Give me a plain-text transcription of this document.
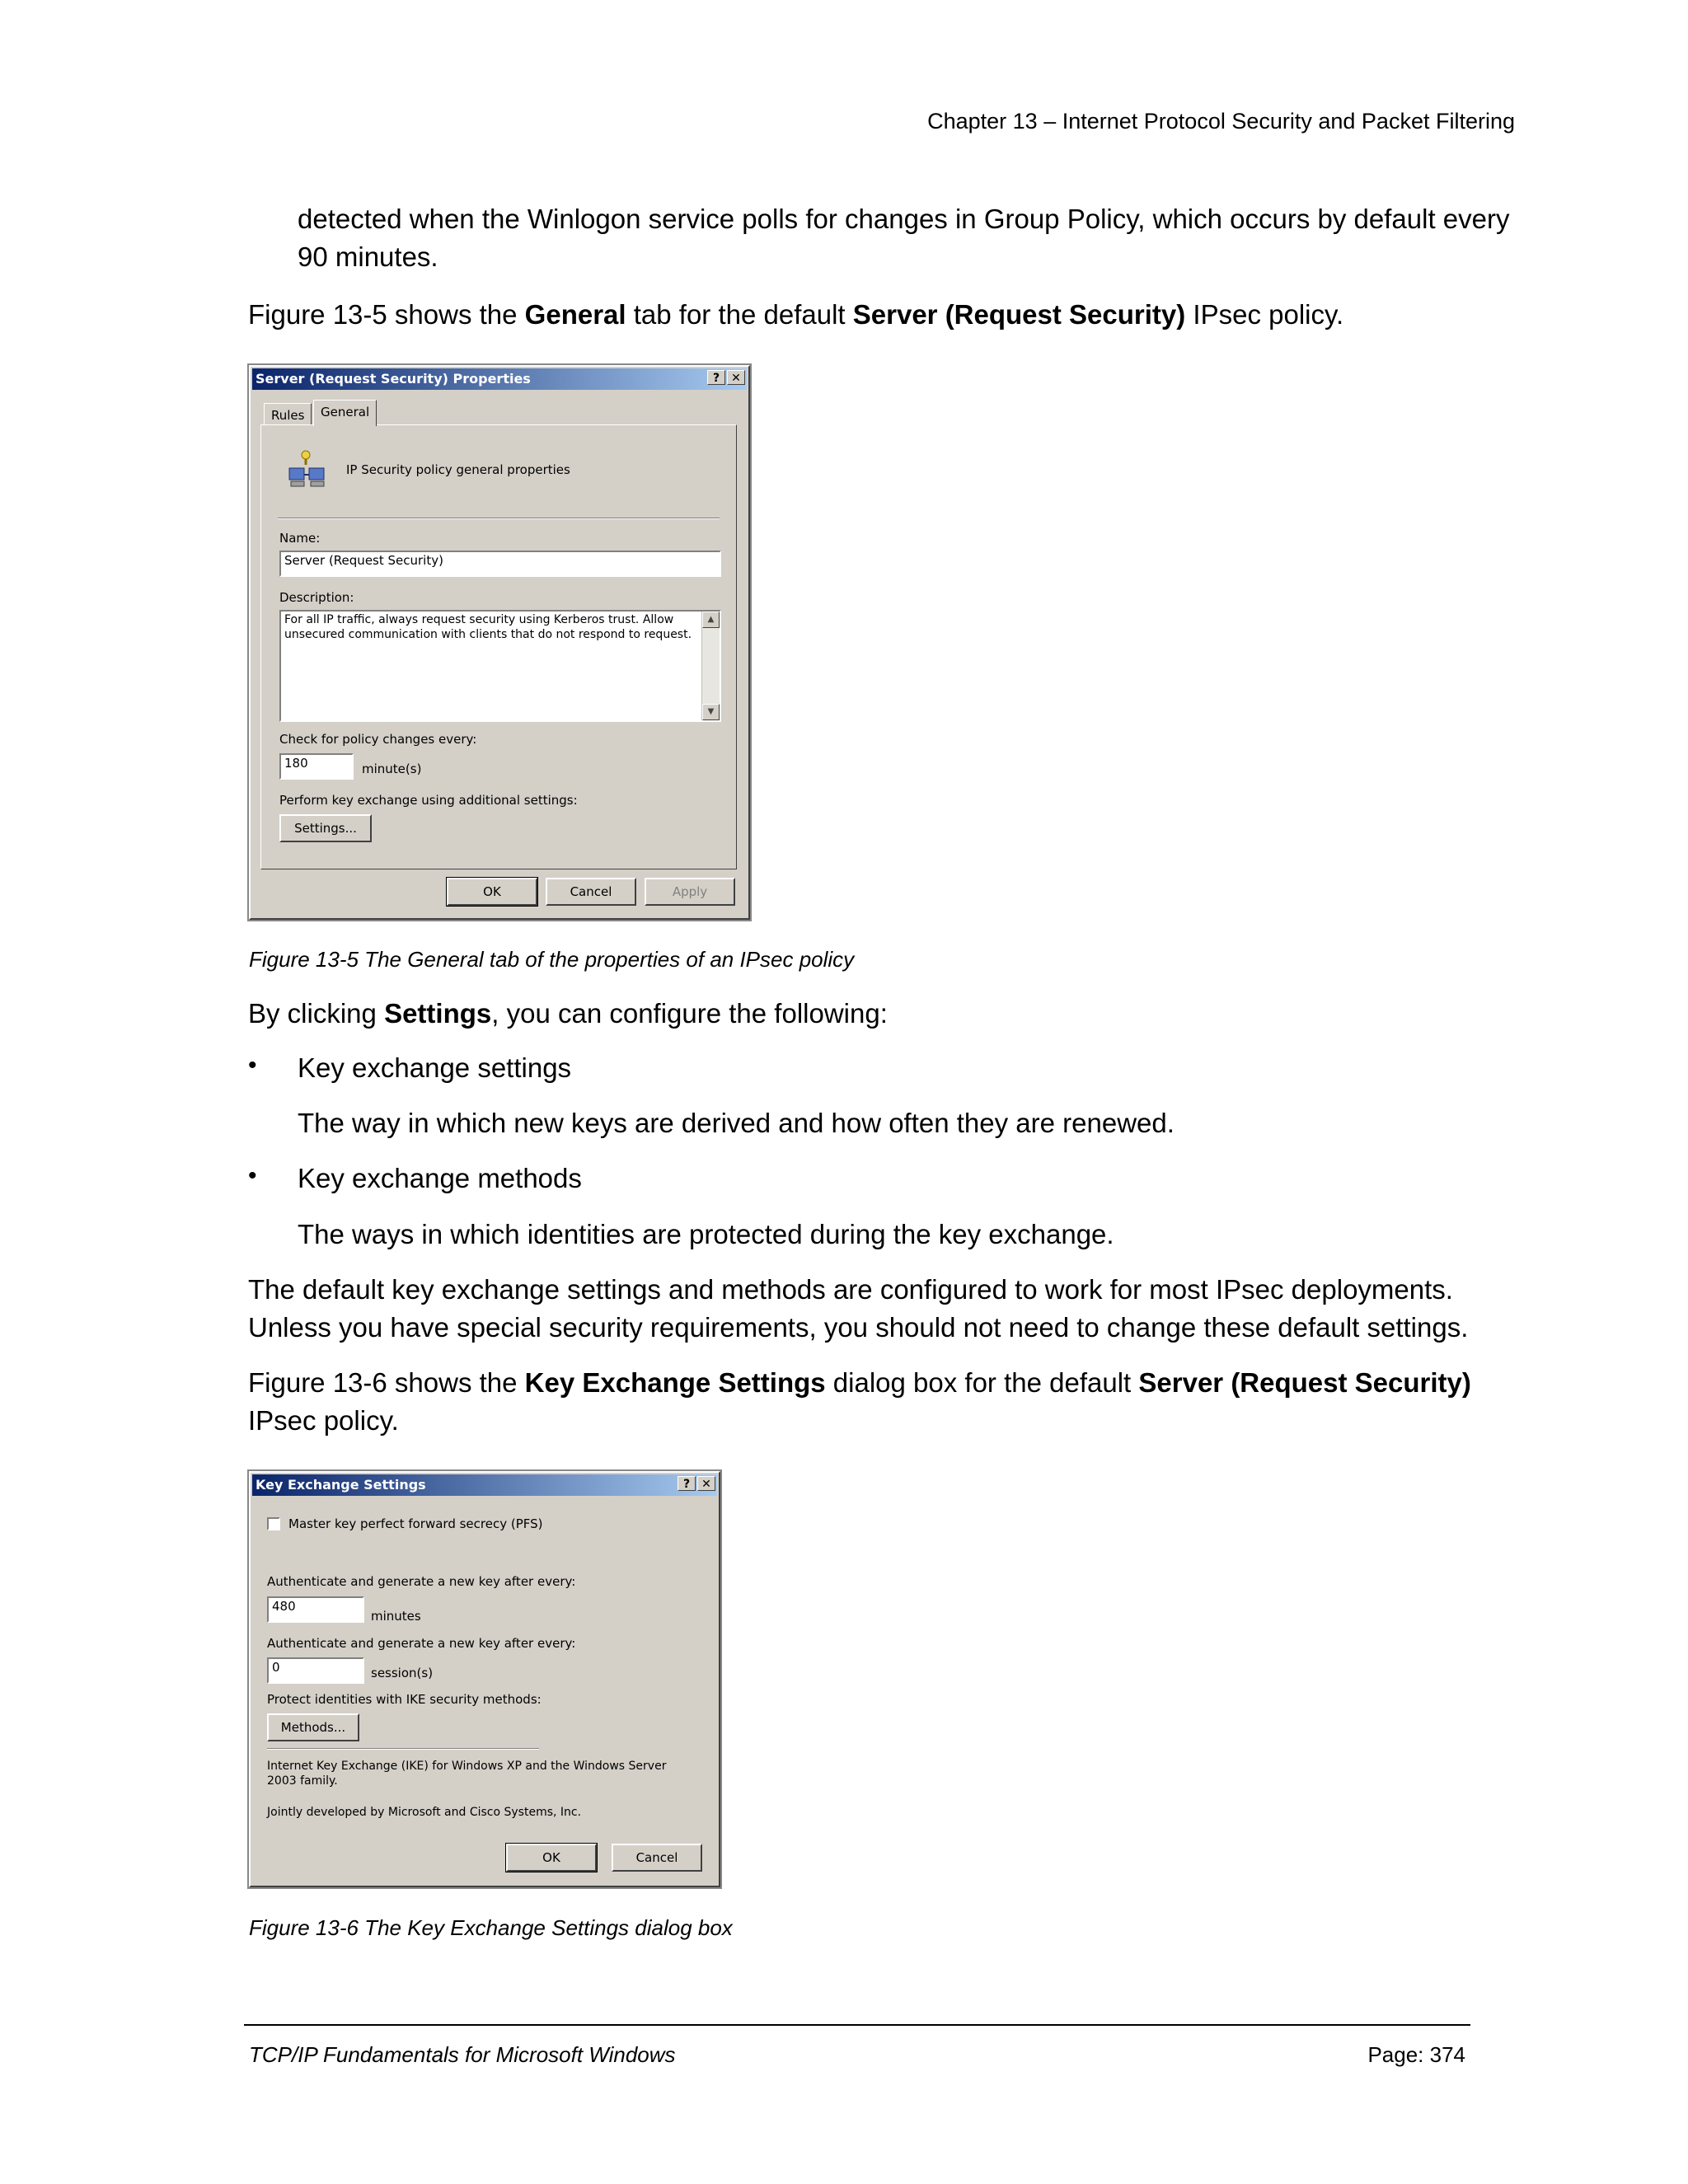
Chapter 13 – Internet Protocol Security and Packet Filtering
detected when the Winlogon service polls for changes in Group Policy, which occurs by default every
90 minutes.
Figure 13-5 shows the General tab for the default Server (Request Security) IPsec policy.
Server (Request Security) Properties	?	✕
Rules	General
IP Security policy general properties
Name:
Server (Request Security)
Description:
For all IP traffic, always request security using Kerberos trust. Allow
unsecured communication with clients that do not respond to request.
▲
▼
Check for policy changes every:
180	minute(s)
Perform key exchange using additional settings:
Settings...
OK	Cancel	Apply
Figure 13-5 The General tab of the properties of an IPsec policy
By clicking Settings, you can configure the following:
• Key exchange settings
The way in which new keys are derived and how often they are renewed.
• Key exchange methods
The ways in which identities are protected during the key exchange.
The default key exchange settings and methods are configured to work for most IPsec deployments.
Unless you have special security requirements, you should not need to change these default settings.
Figure 13-6 shows the Key Exchange Settings dialog box for the default Server (Request Security)
IPsec policy.
Key Exchange Settings	?	✕
Master key perfect forward secrecy (PFS)
Authenticate and generate a new key after every:
480
minutes
Authenticate and generate a new key after every:
0	session(s)
Protect identities with IKE security methods:
Methods...
Internet Key Exchange (IKE) for Windows XP and the Windows Server
2003 family.
Jointly developed by Microsoft and Cisco Systems, Inc.
OK	Cancel
Figure 13-6 The Key Exchange Settings dialog box
TCP/IP Fundamentals for Microsoft Windows	Page: 374
